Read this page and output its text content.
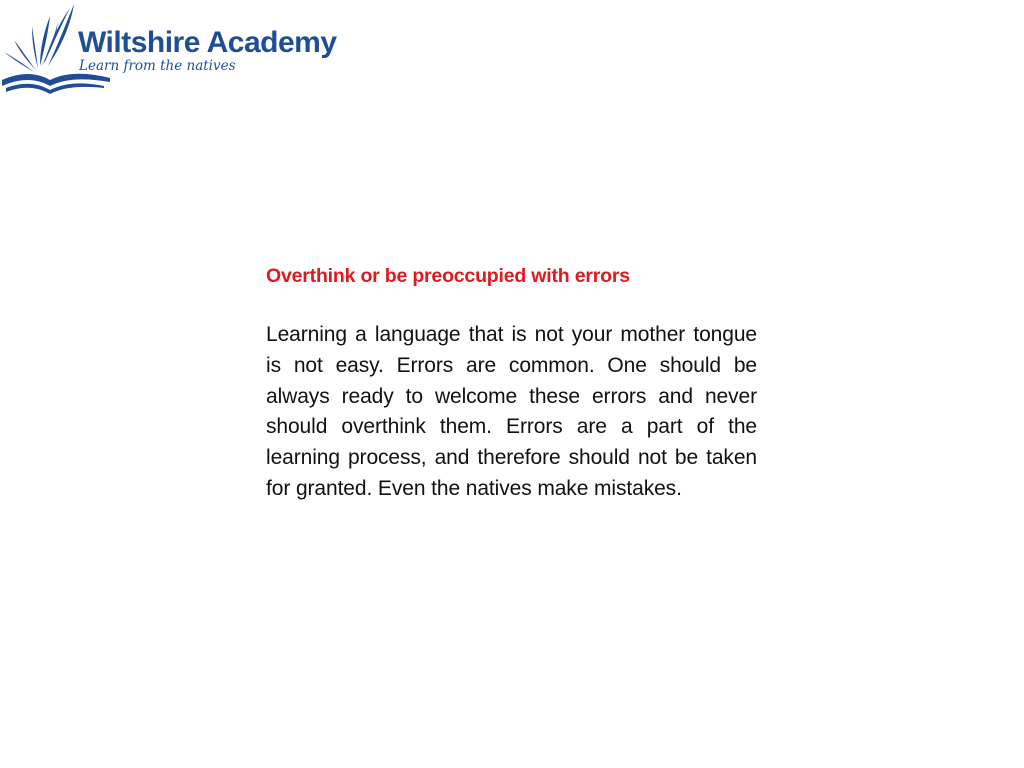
Wiltshire Academy
Learn from the natives
Overthink or be preoccupied with errors

Learning a language that is not your mother tongue is not easy. Errors are common. One should be always ready to welcome these errors and never should overthink them. Errors are a part of the learning process, and therefore should not be taken for granted. Even the natives make mistakes.
